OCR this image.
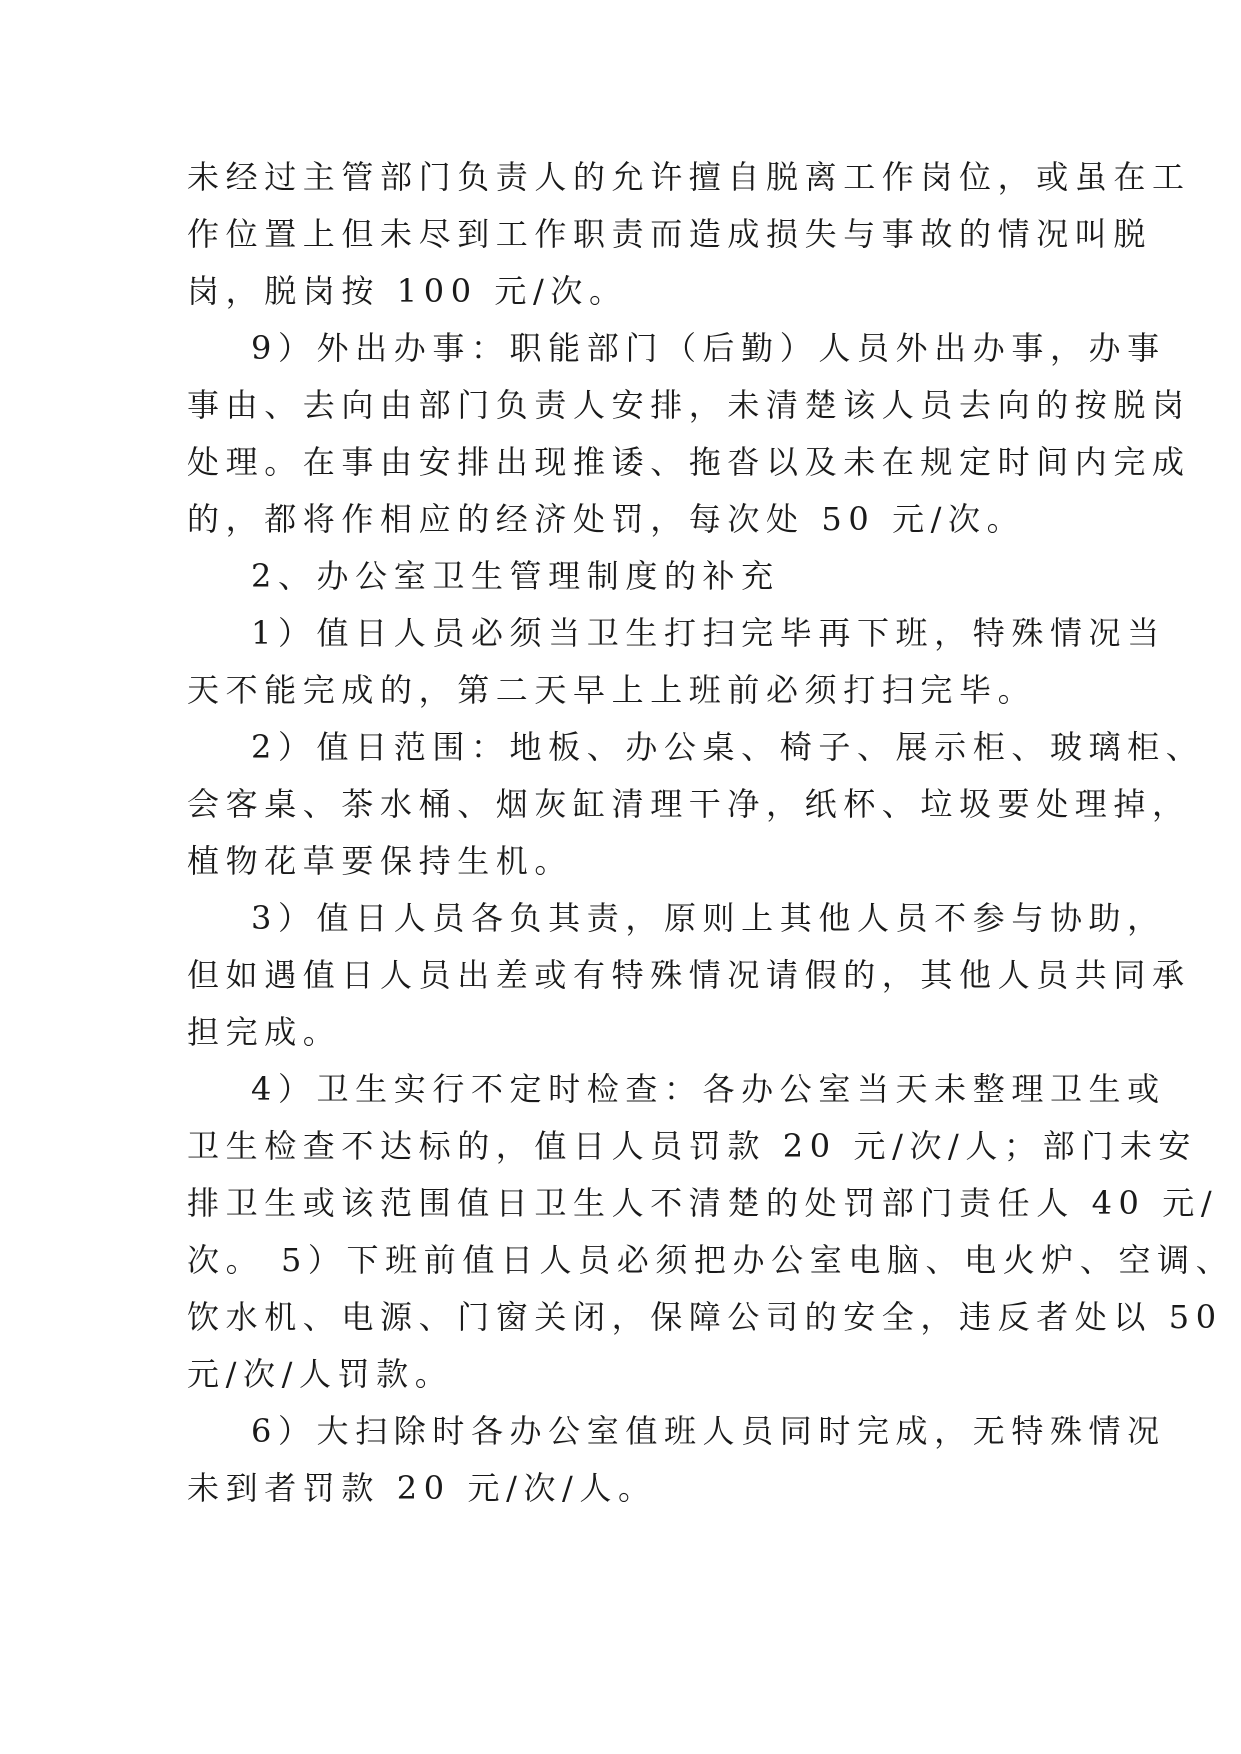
未经过主管部门负责人的允许擅自脱离工作岗位，或虽在工
作位置上但未尽到工作职责而造成损失与事故的情况叫脱
岗，脱岗按 100 元/次。
9）外出办事：职能部门（后勤）人员外出办事，办事
事由、去向由部门负责人安排，未清楚该人员去向的按脱岗
处理。在事由安排出现推诿、拖沓以及未在规定时间内完成
的，都将作相应的经济处罚，每次处 50 元/次。
2、办公室卫生管理制度的补充
1）值日人员必须当卫生打扫完毕再下班，特殊情况当
天不能完成的，第二天早上上班前必须打扫完毕。
2）值日范围：地板、办公桌、椅子、展示柜、玻璃柜、
会客桌、茶水桶、烟灰缸清理干净，纸杯、垃圾要处理掉，
植物花草要保持生机。
3）值日人员各负其责，原则上其他人员不参与协助，
但如遇值日人员出差或有特殊情况请假的，其他人员共同承
担完成。
4）卫生实行不定时检查：各办公室当天未整理卫生或
卫生检查不达标的，值日人员罚款 20 元/次/人；部门未安
排卫生或该范围值日卫生人不清楚的处罚部门责任人 40 元/
次。 5）下班前值日人员必须把办公室电脑、电火炉、空调、
饮水机、电源、门窗关闭，保障公司的安全，违反者处以 50
元/次/人罚款。
6）大扫除时各办公室值班人员同时完成，无特殊情况
未到者罚款 20 元/次/人。
